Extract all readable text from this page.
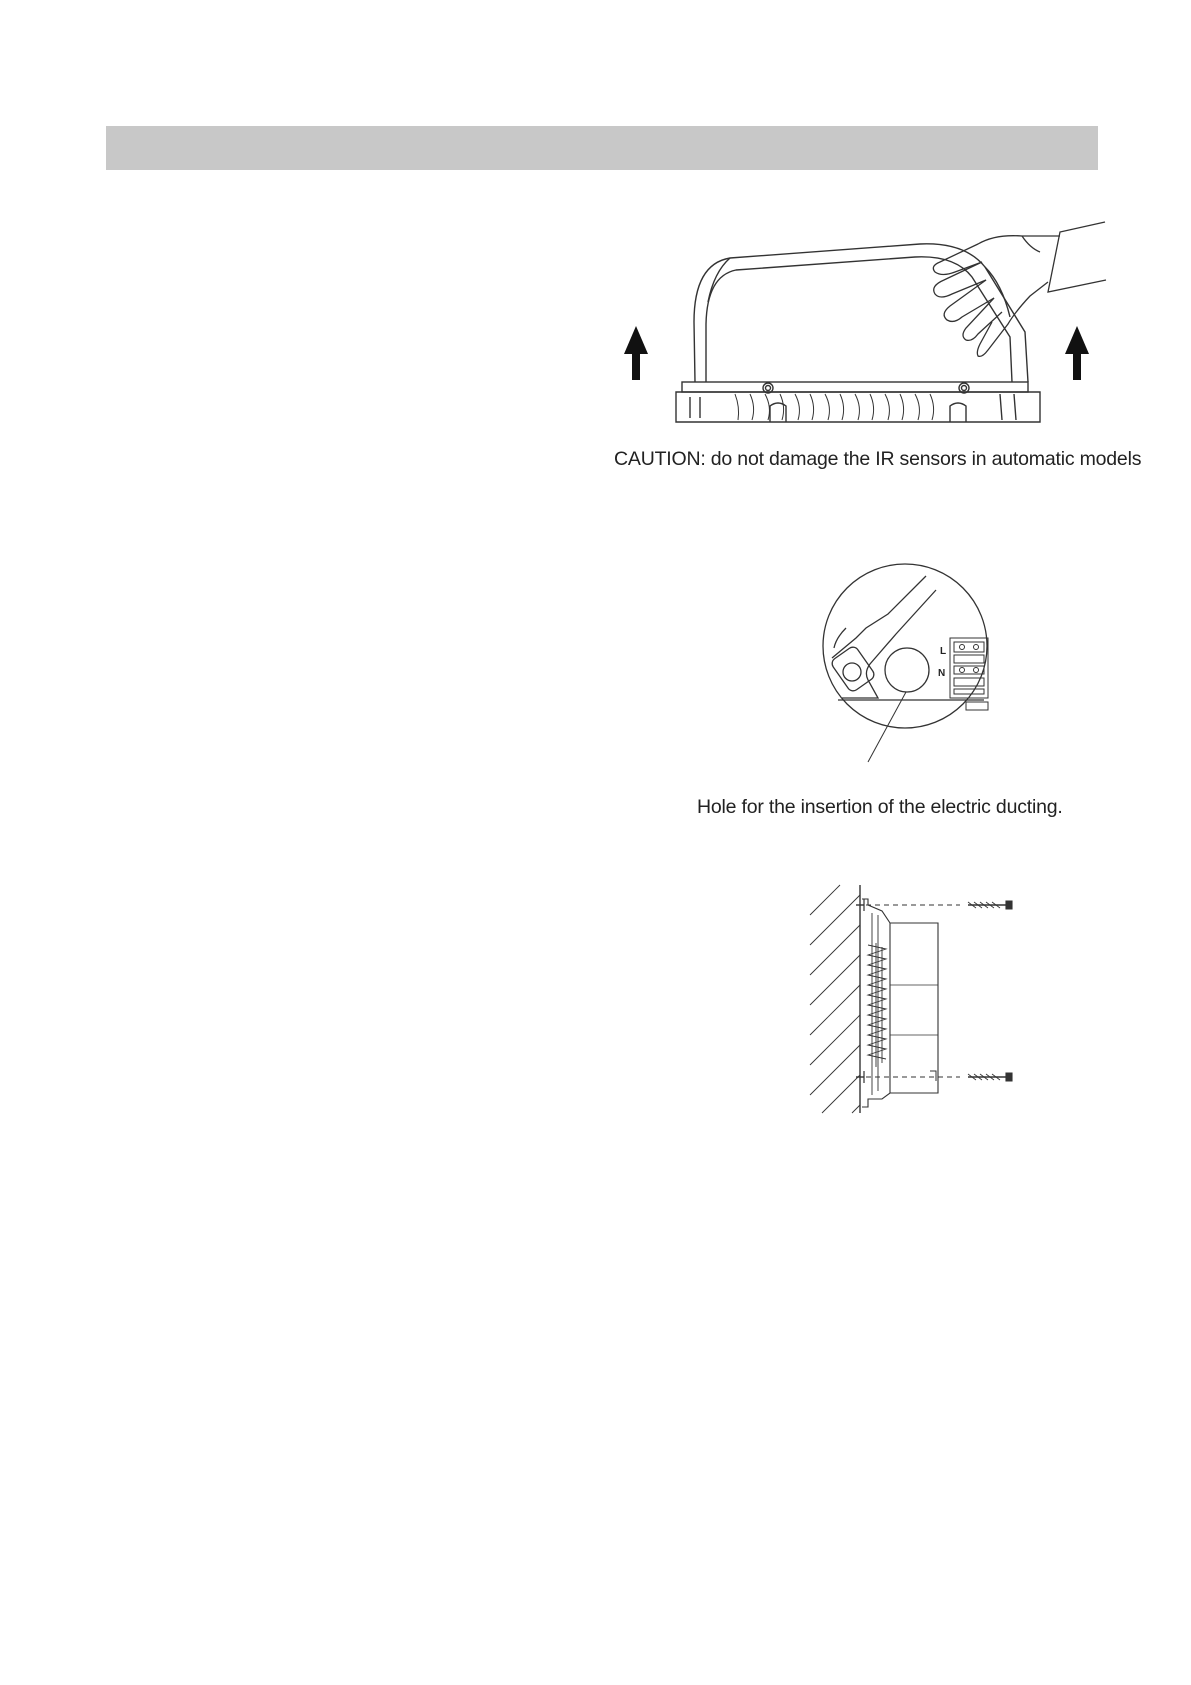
CAUTION: do not damage the IR sensors in automatic models
L
N
Hole for the insertion of the electric ducting.
